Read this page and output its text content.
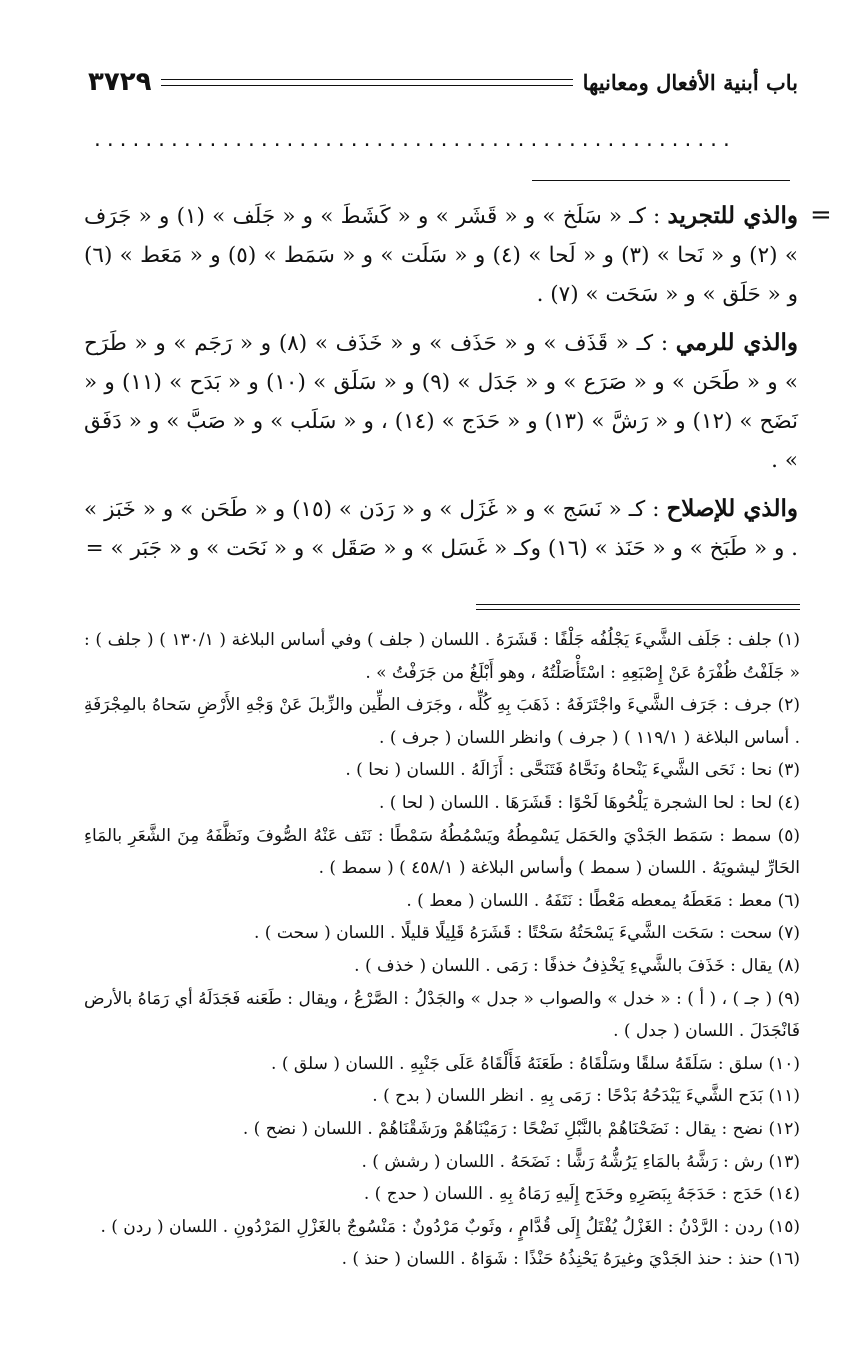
باب أبنية الأفعال ومعانيها
٣٧٢٩
..................................................
=

والذي للتجريد : كـ « سَلَخ » و « قَشَر » و « كَشَطَ » و « جَلَف » (١) و « جَرَف » (٢) و « نَحا » (٣) و « لَحا » (٤) و « سَلَت » و « سَمَط » (٥) و « مَعَط » (٦) و « حَلَق » و « سَحَت » (٧) .

والذي للرمي : كـ « قَذَف » و « حَذَف » و « خَذَف » (٨) و « رَجَم » و « طَرَح » و « طَحَن » و « صَرَع » و « جَدَل » (٩) و « سَلَق » (١٠) و « بَدَح » (١١) و « نَضَح » (١٢) و « رَشَّ » (١٣) و « حَدَج » (١٤) ، و « سَلَب » و « صَبَّ » و « دَفَق » .

والذي للإصلاح : كـ « نَسَج » و « غَزَل » و « رَدَن » (١٥) و « طَحَن » و « خَبَز » . و « طَبَخ » و « حَنَذ » (١٦) وكـ « غَسَل » و « صَقَل » و « نَحَت » و « جَبَر » =

(١) جلف : جَلَف الشَّيءَ يَجْلُفُه جَلْفًا : قَشَرَهُ . اللسان ( جلف ) وفي أساس البلاغة ( ١٣٠/١ ) ( جلف ) : « جَلَفْتُ ظُفْرَهُ عَنْ إِصْبَعِهِ : اسْتَأْصَلْتُهُ ، وهو أَبْلَغُ من جَرَفْتُ » .

(٢) جرف : جَرَف الشَّيءَ واجْتَرَفَهُ : ذَهَبَ بِهِ كُلِّه ، وجَرَف الطِّين والزِّبلَ عَنْ وَجْهِ الأَرْضِ سَحاهُ بالمِجْرَفَةِ . أساس البلاغة ( ١١٩/١ ) ( جرف ) وانظر اللسان ( جرف ) .

(٣) نحا : نَحَى الشَّيءَ يَنْحاهُ ونَحَّاهُ فَتَنَحَّى : أَزَالَهُ . اللسان ( نحا ) .

(٤) لحا : لحا الشجرة يَلْحُوهَا لَحْوًا : قَشَرَهَا . اللسان ( لحا ) .

(٥) سمط : سَمَط الجَدْيَ والحَمَل يَسْمِطُهُ ويَسْمُطُهُ سَمْطًا : نَتَف عَنْهُ الصُّوفَ ونَظَّفَهُ مِنَ الشَّعَرِ بالمَاءِ الحَارِّ ليشويَهُ . اللسان ( سمط ) وأساس البلاغة ( ٤٥٨/١ ) ( سمط ) .

(٦) معط : مَعَطَهُ يمعطه مَعْطًا : نَتَفَهُ . اللسان ( معط ) .

(٧) سحت : سَحَت الشَّيءَ يَسْحَتُهُ سَحْتًا : قَشَرَهُ قَلِيلًا قليلًا . اللسان ( سحت ) .

(٨) يقال : خَذَفَ بالشَّيءِ يَخْذِفُ خذفًا : رَمَى . اللسان ( خذف ) .

(٩) ( جـ ) ، ( أ ) : « خدل » والصواب « جدل » والجَدْلُ : الصَّرْعُ ، ويقال : طَعَنه فَجَدَلَهُ أي رَمَاهُ بالأرض فَانْجَدَلَ . اللسان ( جدل ) .

(١٠) سلق : سَلَقَهُ سلقًا وسَلْقَاهُ : طَعَنَهُ فَأَلْقَاهُ عَلَى جَنْبِهِ . اللسان ( سلق ) .

(١١) بَدَح الشَّيءَ يَبْدَحُهُ بَدْحًا : رَمَى بِهِ . انظر اللسان ( بدح ) .

(١٢) نضح : يقال : نَضَحْنَاهُمْ بالنَّبْلِ نَضْحًا : رَمَيْنَاهُمْ ورَشَقْنَاهُمْ . اللسان ( نضح ) .

(١٣) رش : رَشَّهُ بالمَاءِ يَرُشُّهُ رَشًّا : نَضَحَهُ . اللسان ( رشش ) .

(١٤) حَدَج : حَدَجَهُ بِبَصَرِهِ وحَدَج إِلَيهِ رَمَاهُ بِهِ . اللسان ( حدج ) .

(١٥) ردن : الرَّدْنُ : الغَزْلُ يُفْتَلُ إِلَى قُدَّامٍ ، وثَوبٌ مَرْدُونٌ : مَنْسُوجٌ بالغَزْلِ المَرْدُونِ . اللسان ( ردن ) .

(١٦) حنذ : حنذ الجَدْيَ وغيرَهُ يَحْنِذُهُ حَنْذًا : شَوَاهُ . اللسان ( حنذ ) .
